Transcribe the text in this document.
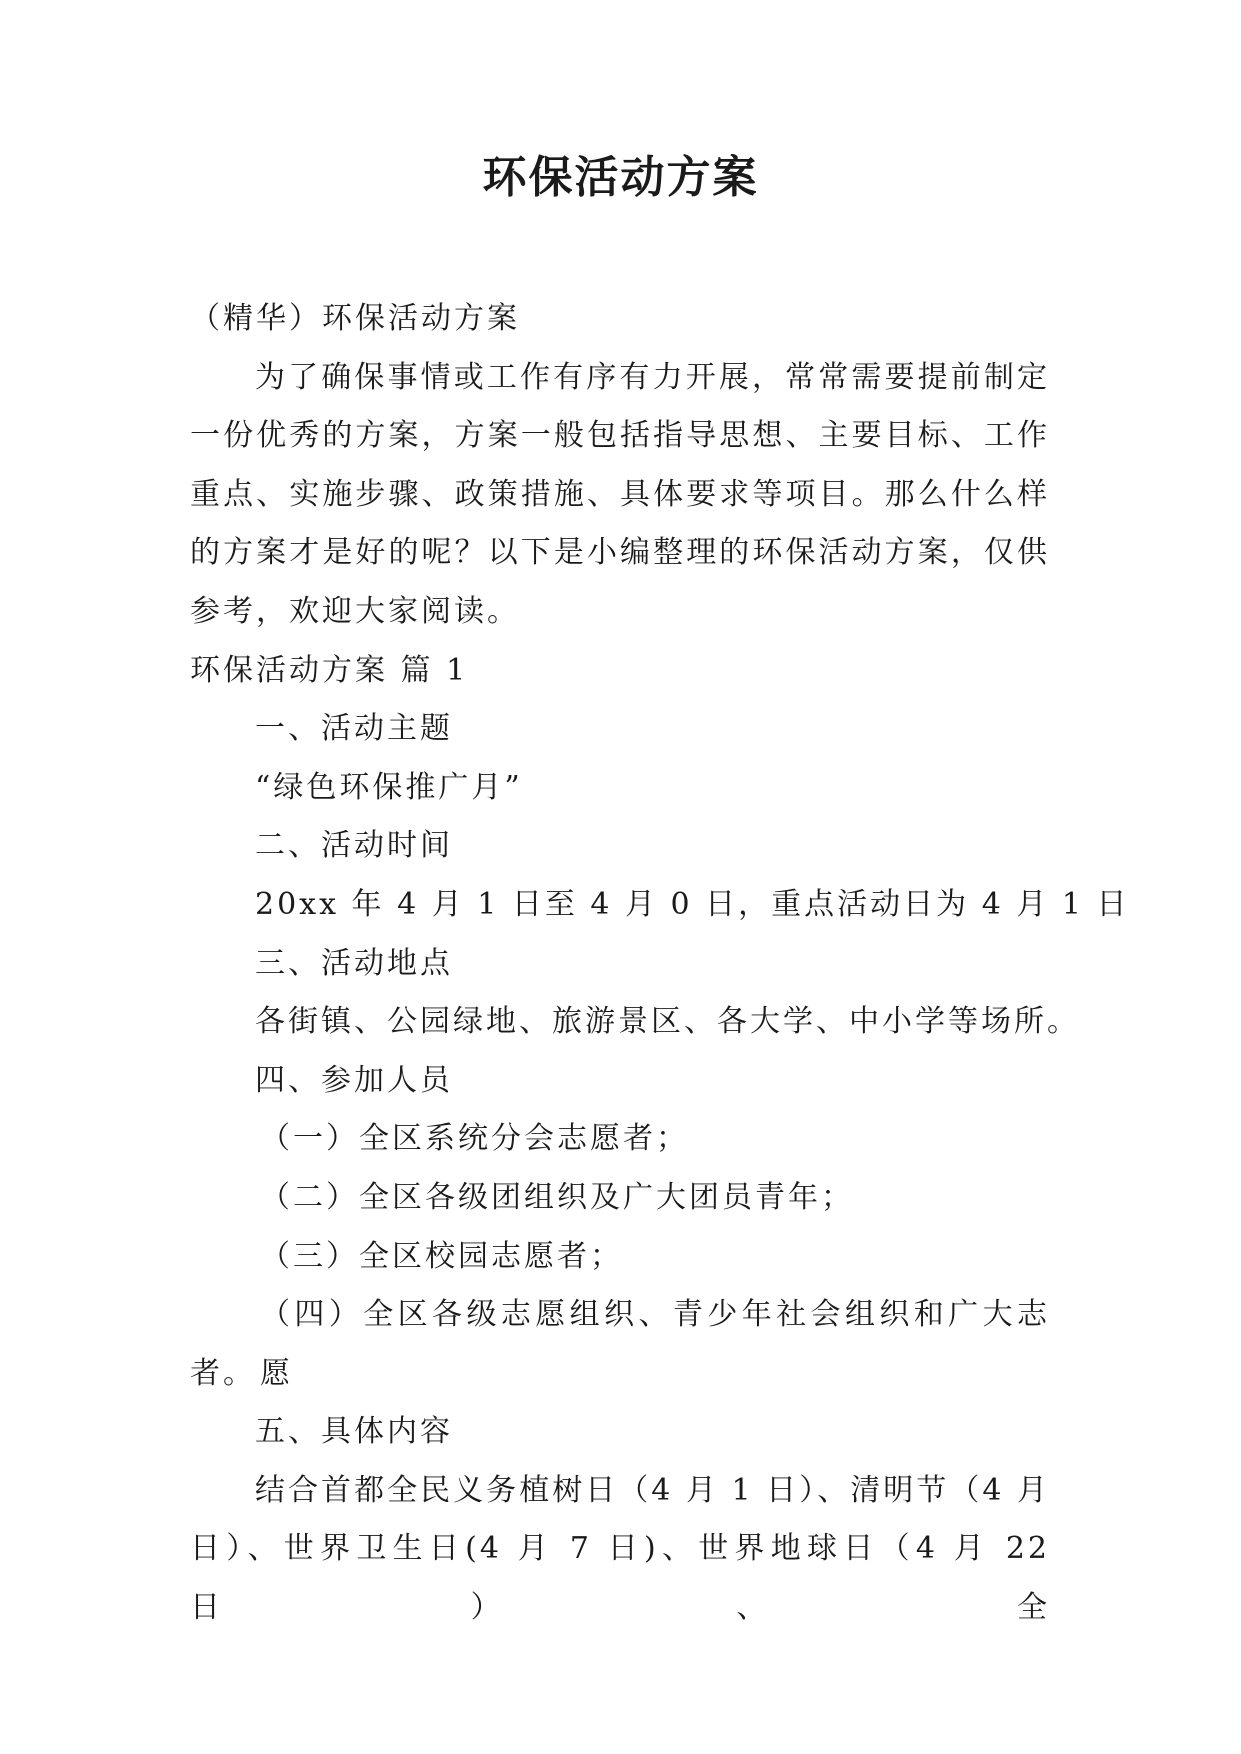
环保活动方案
（精华）环保活动方案
为了确保事情或工作有序有力开展，常常需要提前制定
一份优秀的方案，方案一般包括指导思想、主要目标、工作
重点、实施步骤、政策措施、具体要求等项目。那么什么样
的方案才是好的呢？以下是小编整理的环保活动方案，仅供
参考，欢迎大家阅读。
环保活动方案 篇 1
一、活动主题
“绿色环保推广月”
二、活动时间
20xx 年 4 月 1 日至 4 月 0 日，重点活动日为 4 月 1 日
三、活动地点
各街镇、公园绿地、旅游景区、各大学、中小学等场所。
四、参加人员
（一）全区系统分会志愿者；
（二）全区各级团组织及广大团员青年；
（三）全区校园志愿者；
（四）全区各级志愿组织、青少年社会组织和广大志愿
者。
五、具体内容
结合首都全民义务植树日（4 月 1 日）、清明节（4 月
日）、世界卫生日(4 月 7 日)、世界地球日（4 月 22 日）、全
